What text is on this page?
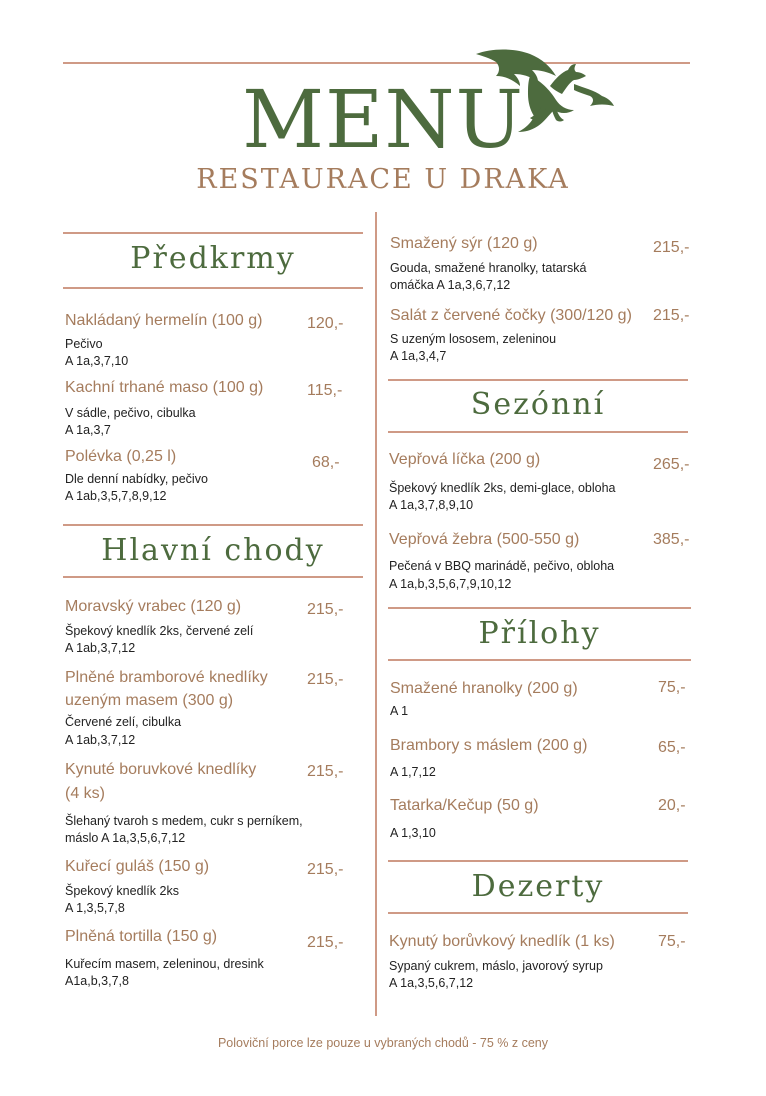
MENU
RESTAURACE U DRAKA
Předkrmy
Nakládaný hermelín (100 g)	120,-
Pečivo
A 1a,3,7,10
Kachní trhané maso (100 g)	115,-
V sádle, pečivo, cibulka
A 1a,3,7
Polévka (0,25 l)	68,-
Dle denní nabídky, pečivo
A 1ab,3,5,7,8,9,12
Hlavní chody
Moravský vrabec (120 g)	215,-
Špekový knedlík 2ks, červené zelí
A 1ab,3,7,12
Plněné bramborové knedlíky
uzeným masem (300 g)
215,-
Červené zelí, cibulka
A 1ab,3,7,12
Kynuté boruvkové knedlíky
(4 ks)
215,-
Šlehaný tvaroh s medem, cukr s perníkem,
máslo A 1a,3,5,6,7,12
Kuřecí guláš (150 g)	215,-
Špekový knedlík 2ks
A 1,3,5,7,8
Plněná tortilla (150 g)	215,-
Kuřecím masem, zeleninou, dresink
A1a,b,3,7,8
Smažený sýr (120 g)	215,-
Gouda, smažené hranolky, tatarská
omáčka A 1a,3,6,7,12
Salát z červené čočky (300/120 g) 215,-
S uzeným lososem, zeleninou
A 1a,3,4,7
Sezónní
Vepřová líčka (200 g)	265,-
Špekový knedlík 2ks, demi-glace, obloha
A 1a,3,7,8,9,10
Vepřová žebra (500-550 g)	385,-
Pečená v BBQ marinádě, pečivo, obloha
A 1a,b,3,5,6,7,9,10,12
Přílohy
Smažené hranolky (200 g)	75,-
A 1
Brambory s máslem (200 g)	65,-
A 1,7,12
Tatarka/Kečup (50 g)	20,-
A 1,3,10
Dezerty
Kynutý borůvkový knedlík (1 ks)	75,-
Sypaný cukrem, máslo, javorový syrup
A 1a,3,5,6,7,12
Poloviční porce lze pouze u vybraných chodů - 75 % z ceny
